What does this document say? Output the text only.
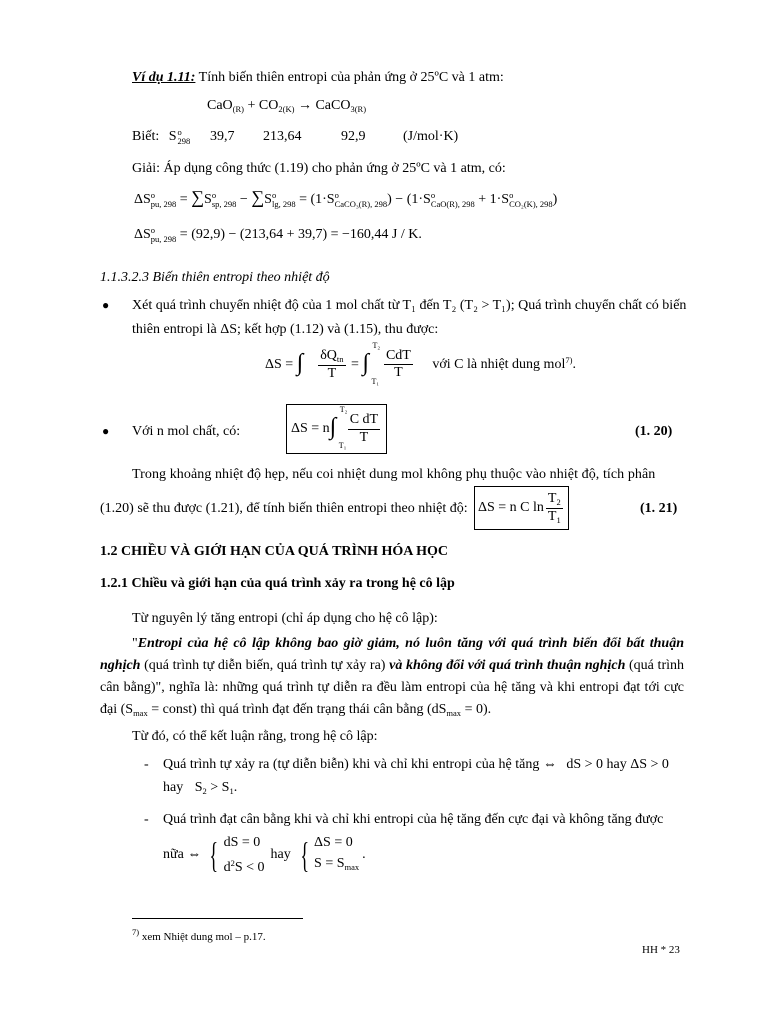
Ví dụ 1.11: Tính biến thiên entropi của phản ứng ở 25ºC và 1 atm:
$CaO_{(R)} + CO_{2(K)}$ → CaCO$_{3(R)}$
Biết: S o
298 39,7 213,64	92,9	(J/mol·K)
Giải: Áp dụng công thức (1.19) cho phản ứng ở 25ºC và 1 atm, có:
ΔS o
pu, 298 = ∑S o
sp, 298 − ∑S o
lg, 298 = (1·S o
CaCO₃(R), 298 ) − (1·S o
CaO(R), 298 + 1·S o
CO₂(K), 298 )
ΔS o
pu, 298 = (92,9) − (213,64 + 39,7) = −160,44 J / K.
1.1.3.2.3 Biến thiên entropi theo nhiệt độ
● Xét quá trình chuyển nhiệt độ của 1 mol chất từ T₁ đến T₂ (T₂ > T₁); Quá trình chuyển chất có biến
thiên entropi là ΔS; kết hợp (1.12) và (1.15), thu được:
ΔS = ∫
$\delta Q_{tn}$
T
=
T₂
∫
T₁

CdT
T
với C là nhiệt dung mol$^{7)}$.
● Với n mol chất, có:	ΔS = n
T₂
∫
T₁
C dT
T	(1. 20)
Trong khoảng nhiệt độ hẹp, nếu coi nhiệt dung mol không phụ thuộc vào nhiệt độ, tích phân
(1.20) sẽ thu được (1.21), để tính biến thiên entropi theo nhiệt độ: ΔS = n C ln
$T_2$
$T_1$
(1. 21)
1.2 CHIỀU VÀ GIỚI HẠN CỦA QUÁ TRÌNH HÓA HỌC
1.2.1 Chiều và giới hạn của quá trình xảy ra trong hệ cô lập
Từ nguyên lý tăng entropi (chỉ áp dụng cho hệ cô lập):
"Entropi của hệ cô lập không bao giờ giảm, nó luôn tăng với quá trình biến đổi bất thuận nghịch (quá trình tự diễn biến, quá trình tự xảy ra) và không đổi với quá trình thuận nghịch (quá trình cân bằng)", nghĩa là: những quá trình tự diễn ra đều làm entropi của hệ tăng và khi entropi đạt tới cực đại ($S_{max}$ = const) thì quá trình đạt đến trạng thái cân bằng $(dS_{max} = 0)$.
Từ đó, có thể kết luận rằng, trong hệ cô lập:
- Quá trình tự xảy ra (tự diễn biễn) khi và chỉ khi entropi của hệ tăng ⇔ dS > 0 hay ΔS > 0
hay $S_2 > S_1$.
- Quá trình đạt cân bằng khi và chỉ khi entropi của hệ tăng đến cực đại và không tăng được
nữa ⇔ { dS = 0
$d^2S < 0$
hay { ΔS = 0
$S = S_{max}$
.
$^{7)}$ xem Nhiệt dung mol – p.17.
HH * 23
